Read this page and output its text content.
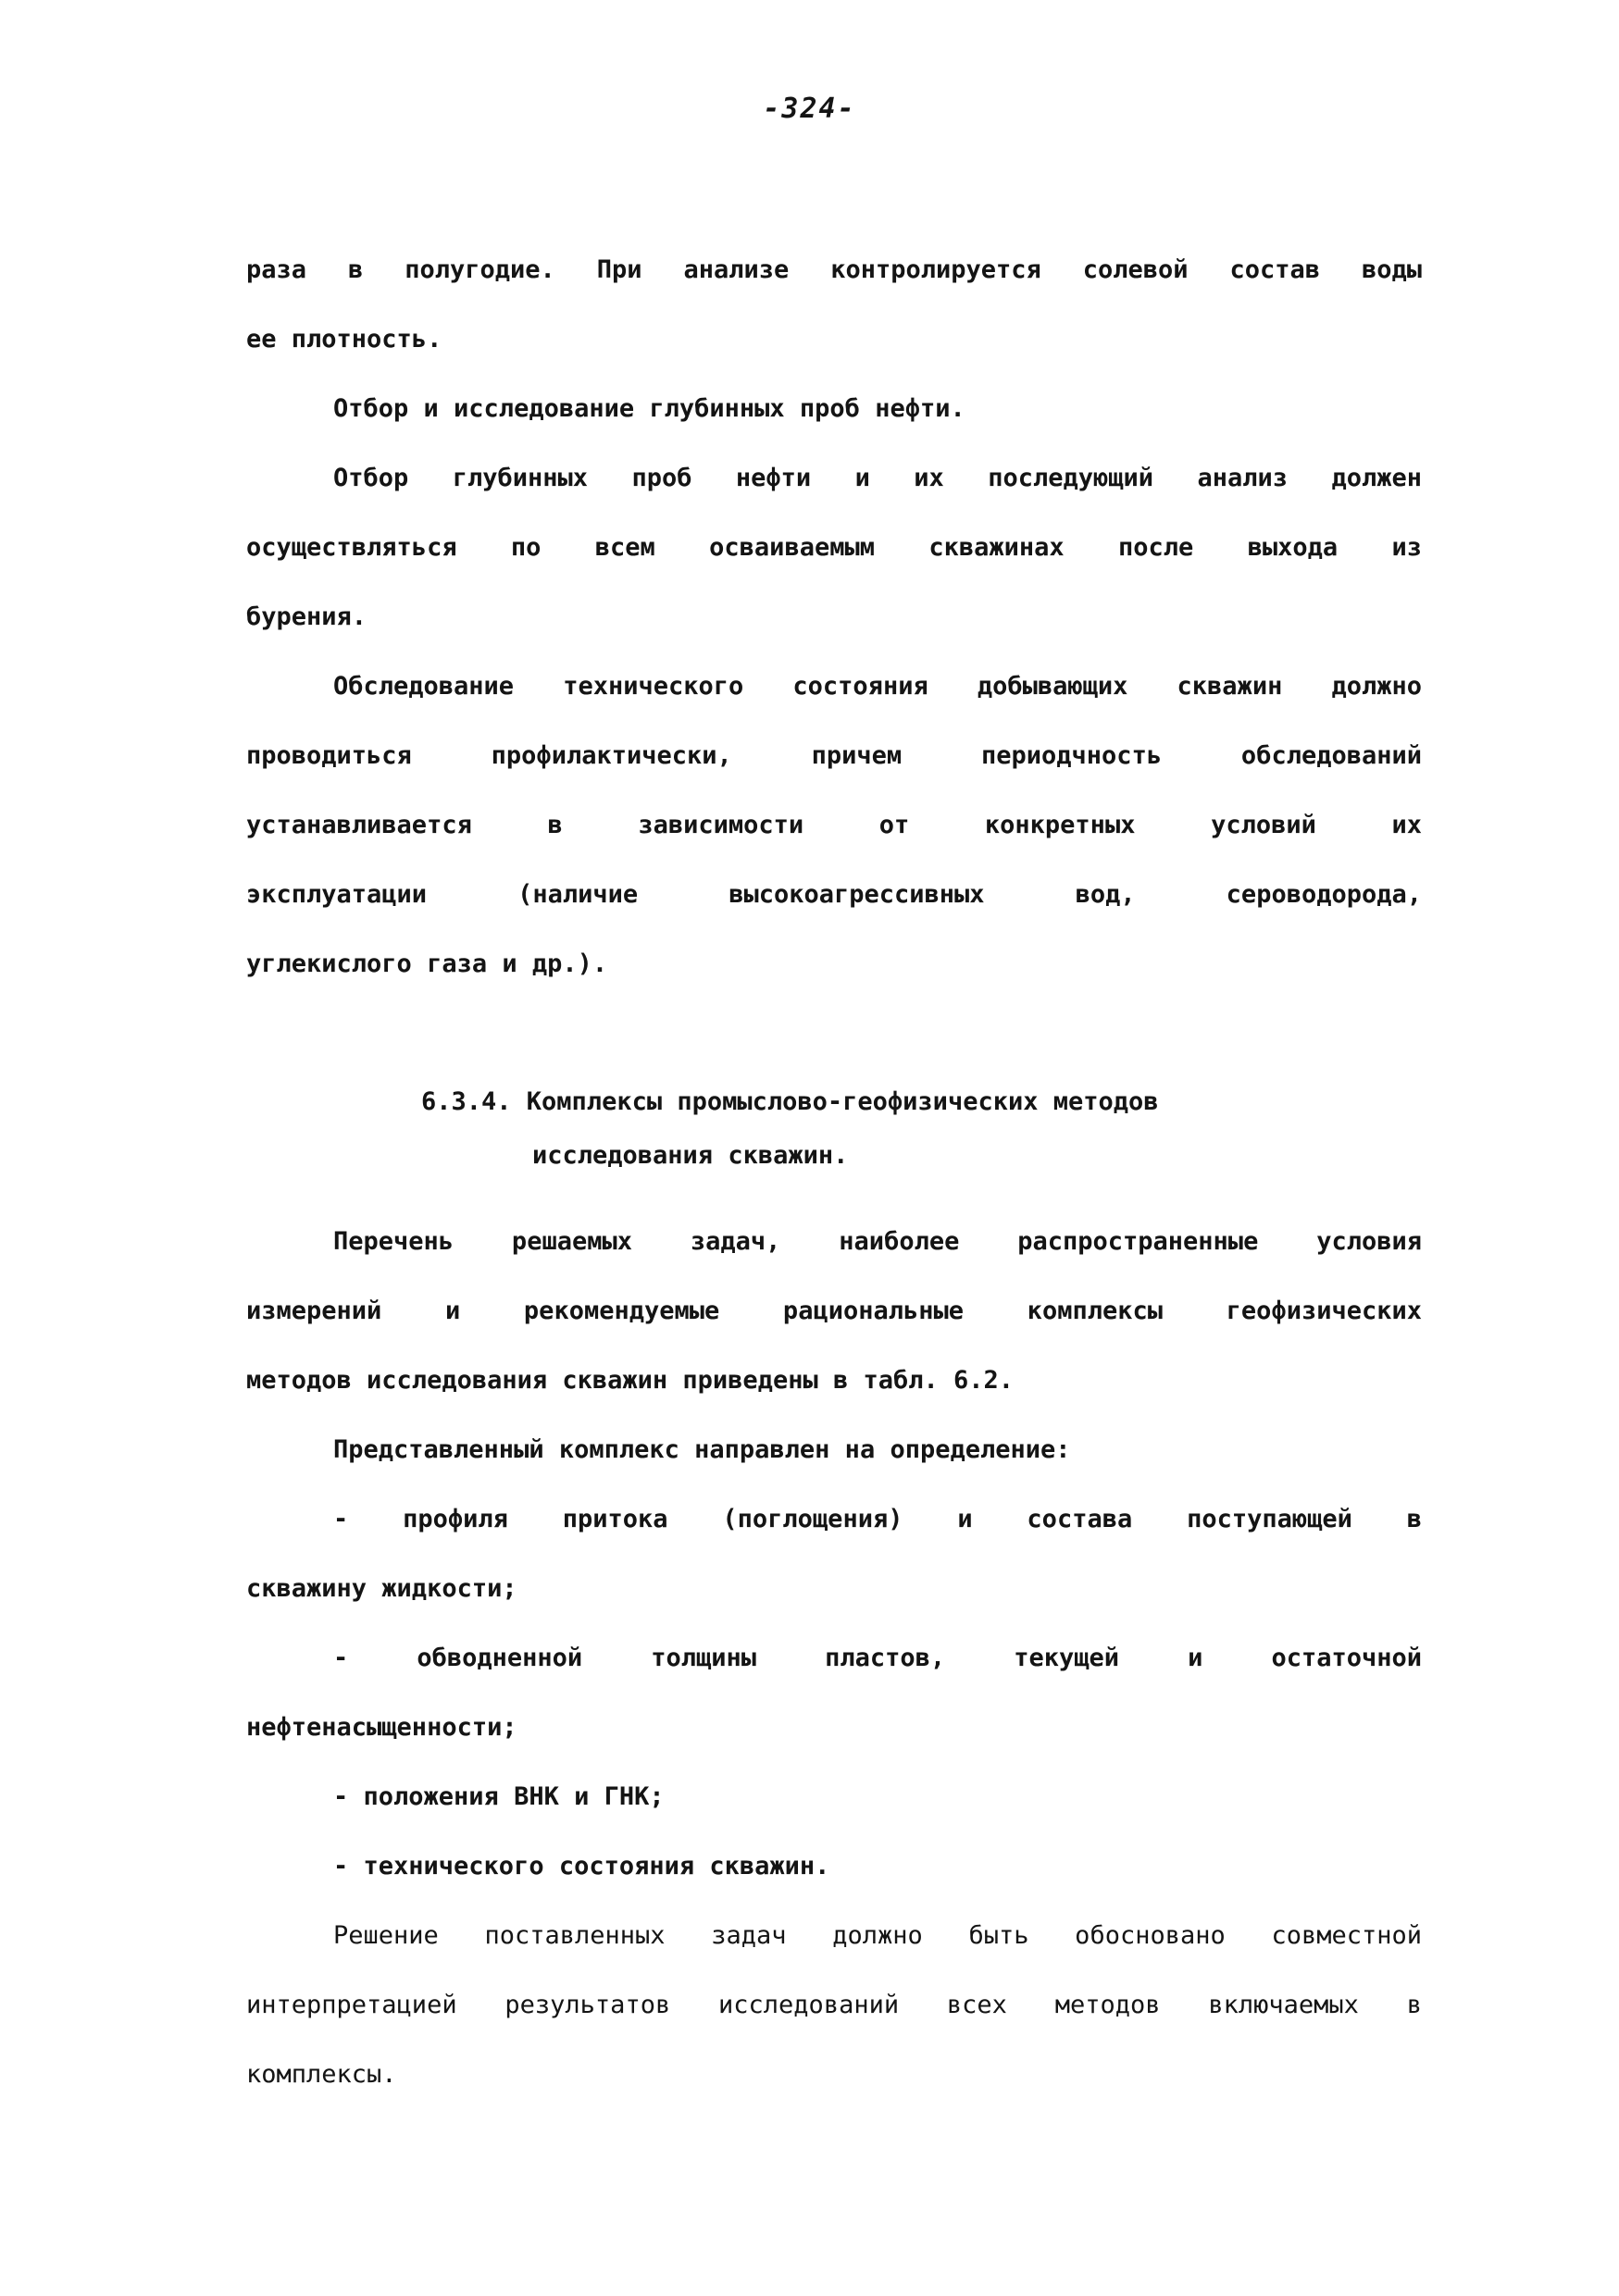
-324-

раза в полугодие. При анализе контролируется солевой состав воды

ее плотность.

Отбор и исследование глубинных проб нефти.

Отбор глубинных проб нефти и их последующий анализ должен

осуществляться по всем осваиваемым скважинах после выхода из

бурения.

Обследование технического состояния добывающих скважин должно

проводиться профилактически, причем периодчность обследований

устанавливается в зависимости от конкретных условий их

эксплуатации (наличие высокоагрессивных вод, сероводорода,

углекислого газа и др.).

6.3.4. Комплексы промыслово-геофизических методов

исследования скважин.

Перечень решаемых задач, наиболее распространенные условия

измерений и рекомендуемые рациональные комплексы геофизических

методов исследования скважин приведены в табл. 6.2.

Представленный комплекс направлен на определение:

- профиля притока (поглощения) и состава поступающей в

скважину жидкости;

- обводненной толщины пластов, текущей и остаточной

нефтенасыщенности;

- положения ВНК и ГНК;

- технического состояния скважин.

Решение поставленных задач должно быть обосновано совместной

интерпретацией результатов исследований всех методов включаемых в

комплексы.
